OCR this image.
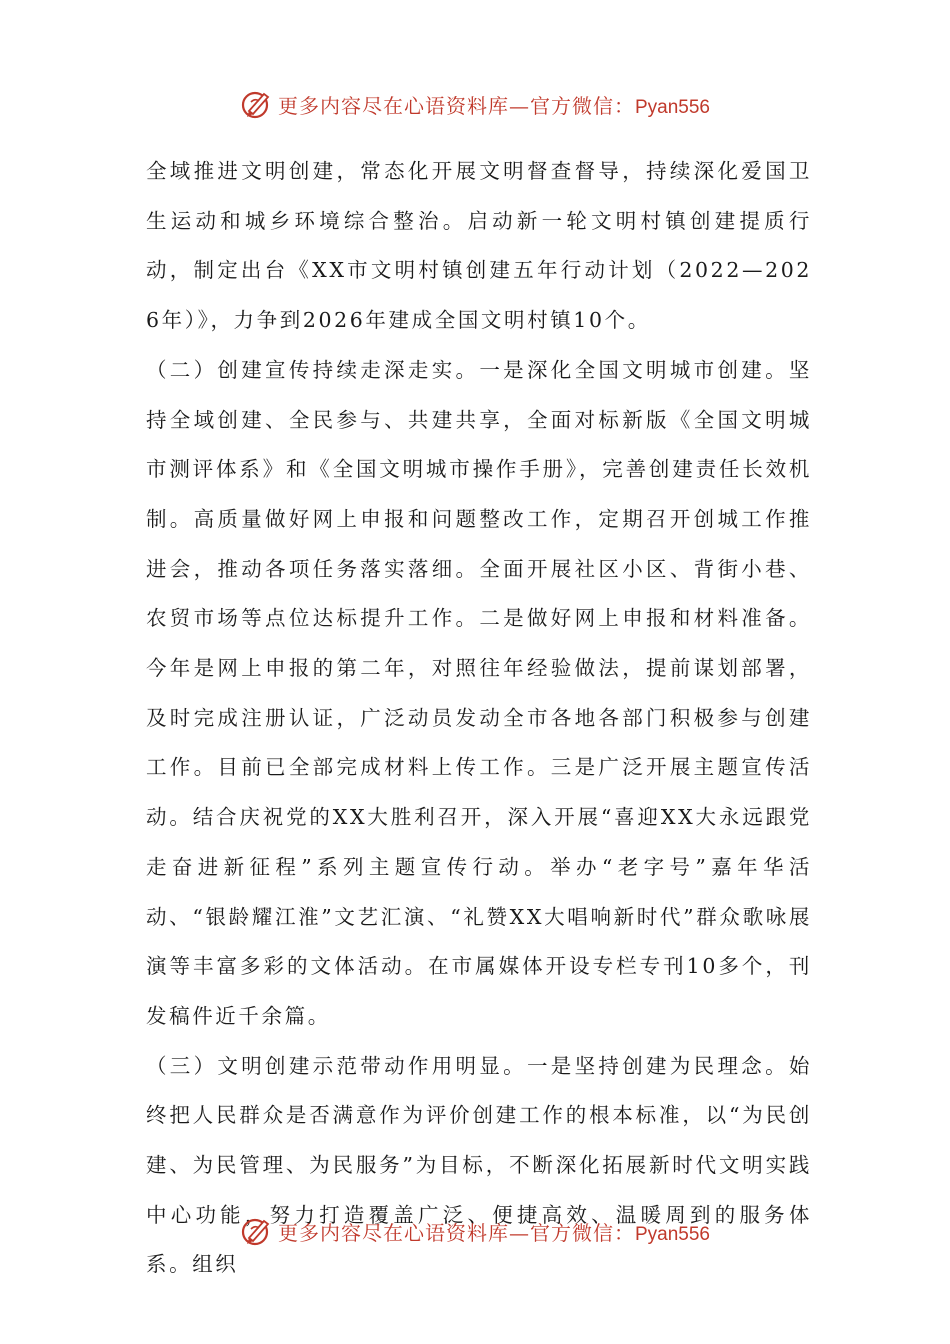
更多内容尽在心语资料库—官方微信：Pyan556

全域推进文明创建，常态化开展文明督查督导，持续深化爱国卫生运动和城乡环境综合整治。启动新一轮文明村镇创建提质行动，制定出台《XX市文明村镇创建五年行动计划（2022—2026年）》，力争到2026年建成全国文明村镇10个。

（二）创建宣传持续走深走实。一是深化全国文明城市创建。坚持全域创建、全民参与、共建共享，全面对标新版《全国文明城市测评体系》和《全国文明城市操作手册》，完善创建责任长效机制。高质量做好网上申报和问题整改工作，定期召开创城工作推进会，推动各项任务落实落细。全面开展社区小区、背街小巷、农贸市场等点位达标提升工作。二是做好网上申报和材料准备。今年是网上申报的第二年，对照往年经验做法，提前谋划部署，及时完成注册认证，广泛动员发动全市各地各部门积极参与创建工作。目前已全部完成材料上传工作。三是广泛开展主题宣传活动。结合庆祝党的XX大胜利召开，深入开展“喜迎XX大永远跟党走奋进新征程”系列主题宣传行动。举办“老字号”嘉年华活动、“银龄耀江淮”文艺汇演、“礼赞XX大唱响新时代”群众歌咏展演等丰富多彩的文体活动。在市属媒体开设专栏专刊10多个，刊发稿件近千余篇。

（三）文明创建示范带动作用明显。一是坚持创建为民理念。始终把人民群众是否满意作为评价创建工作的根本标准，以“为民创建、为民管理、为民服务”为目标，不断深化拓展新时代文明实践中心功能，努力打造覆盖广泛、便捷高效、温暖周到的服务体系。组织

更多内容尽在心语资料库—官方微信：Pyan556
